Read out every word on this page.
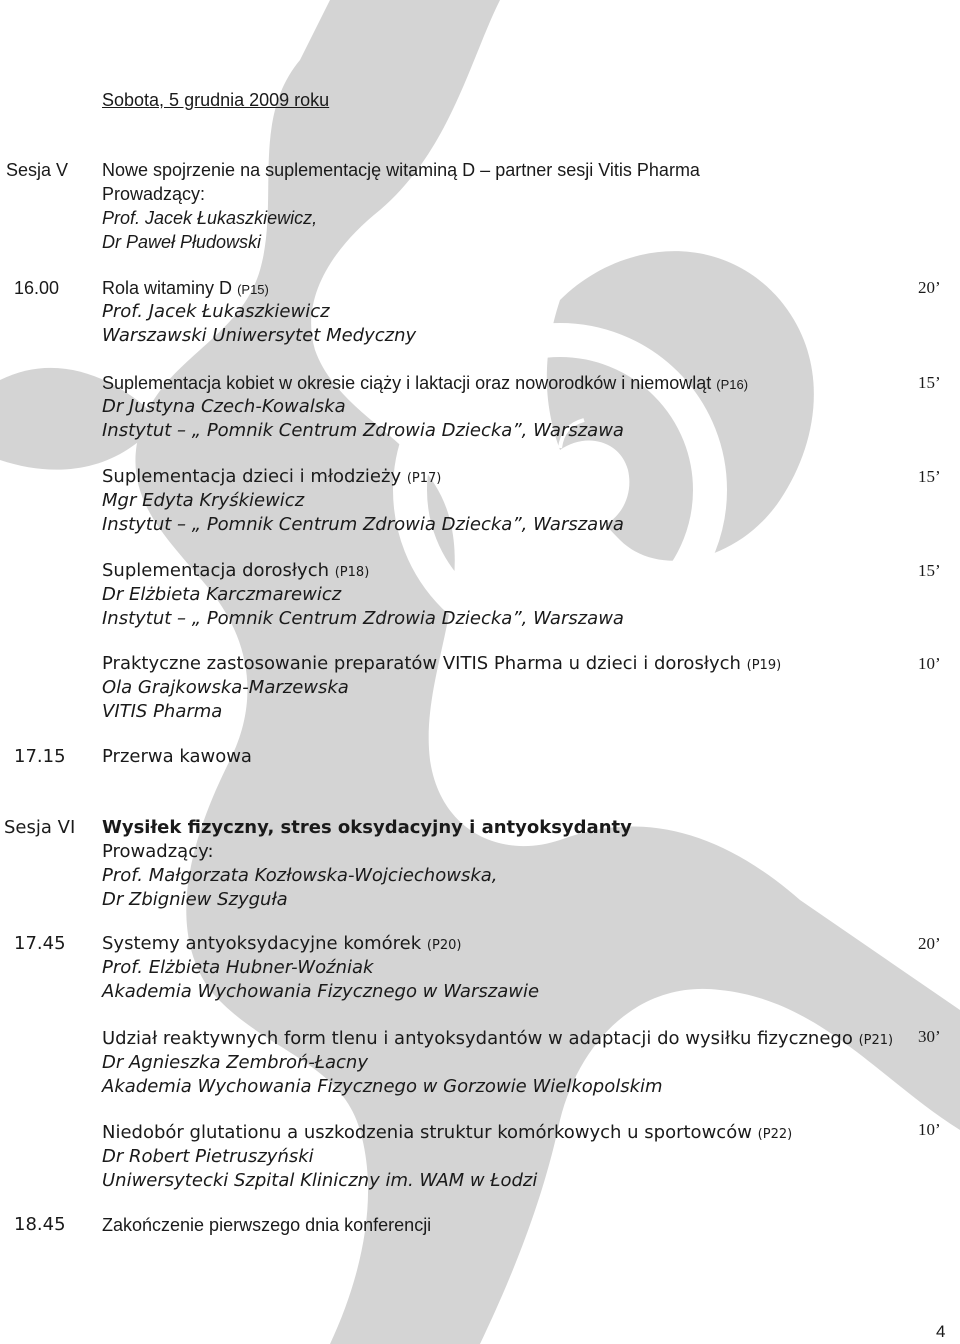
Sobota, 5 grudnia 2009 roku
Sesja V Nowe spojrzenie na suplementację witaminą D – partner sesji Vitis Pharma
Prowadzący:
Prof. Jacek Łukaszkiewicz,
Dr Paweł Płudowski
16.00 Rola witaminy D (P15)
Prof. Jacek Łukaszkiewicz
Warszawski Uniwersytet Medyczny
20’
Suplementacja kobiet w okresie ciąży i laktacji oraz noworodków i niemowląt (P16)
Dr Justyna Czech-Kowalska
Instytut – „ Pomnik Centrum Zdrowia Dziecka”, Warszawa
15’
Suplementacja dzieci i młodzieży (P17)
Mgr Edyta Kryśkiewicz
Instytut – „ Pomnik Centrum Zdrowia Dziecka”, Warszawa
15’
Suplementacja dorosłych (P18)
Dr Elżbieta Karczmarewicz
Instytut – „ Pomnik Centrum Zdrowia Dziecka”, Warszawa
15’
Praktyczne zastosowanie preparatów VITIS Pharma u dzieci i dorosłych (P19)
Ola Grajkowska-Marzewska
VITIS Pharma
10’
17.15 Przerwa kawowa
Sesja VI Wysiłek fizyczny, stres oksydacyjny i antyoksydanty
Prowadzący:
Prof. Małgorzata Kozłowska-Wojciechowska,
Dr Zbigniew Szyguła
17.45 Systemy antyoksydacyjne komórek (P20)
Prof. Elżbieta Hubner-Woźniak
Akademia Wychowania Fizycznego w Warszawie
20’
Udział reaktywnych form tlenu i antyoksydantów w adaptacji do wysiłku fizycznego (P21)
Dr Agnieszka Zembroń-Łacny
Akademia Wychowania Fizycznego w Gorzowie Wielkopolskim
30’
Niedobór glutationu a uszkodzenia struktur komórkowych u sportowców (P22)
Dr Robert Pietruszyński
Uniwersytecki Szpital Kliniczny im. WAM w Łodzi
10’
18.45 Zakończenie pierwszego dnia konferencji
4
